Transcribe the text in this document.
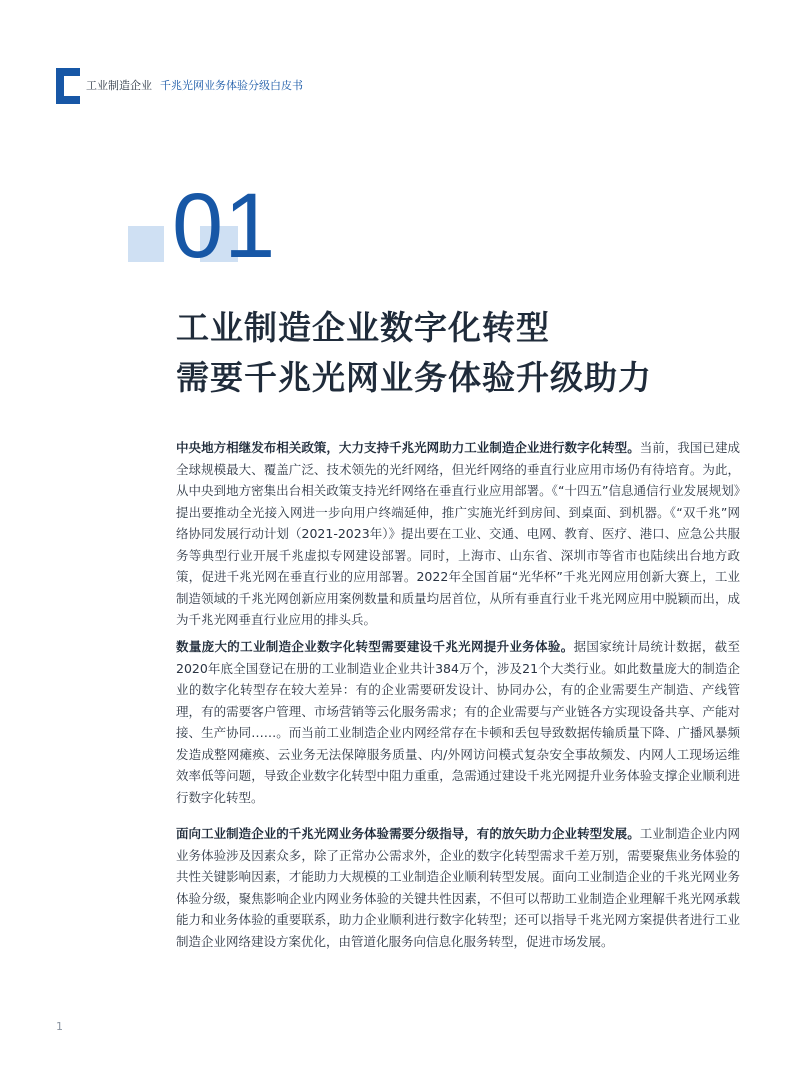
工业制造企业 千兆光网业务体验分级白皮书
01
工业制造企业数字化转型
需要千兆光网业务体验升级助力
中央地方相继发布相关政策，大力支持千兆光网助力工业制造企业进行数字化转型。当前，我国已建成全球规模最大、覆盖广泛、技术领先的光纤网络，但光纤网络的垂直行业应用市场仍有待培育。为此，从中央到地方密集出台相关政策支持光纤网络在垂直行业应用部署。《“十四五”信息通信行业发展规划》提出要推动全光接入网进一步向用户终端延伸，推广实施光纤到房间、到桌面、到机器。《“双千兆”网络协同发展行动计划（2021-2023年）》提出要在工业、交通、电网、教育、医疗、港口、应急公共服务等典型行业开展千兆虚拟专网建设部署。同时，上海市、山东省、深圳市等省市也陆续出台地方政策，促进千兆光网在垂直行业的应用部署。2022年全国首届“光华杯”千兆光网应用创新大赛上，工业制造领域的千兆光网创新应用案例数量和质量均居首位，从所有垂直行业千兆光网应用中脱颖而出，成为千兆光网垂直行业应用的排头兵。
数量庞大的工业制造企业数字化转型需要建设千兆光网提升业务体验。据国家统计局统计数据，截至2020年底全国登记在册的工业制造业企业共计384万个，涉及21个大类行业。如此数量庞大的制造企业的数字化转型存在较大差异：有的企业需要研发设计、协同办公，有的企业需要生产制造、产线管理，有的需要客户管理、市场营销等云化服务需求；有的企业需要与产业链各方实现设备共享、产能对接、生产协同……。而当前工业制造企业内网经常存在卡顿和丢包导致数据传输质量下降、广播风暴频发造成整网瘫痪、云业务无法保障服务质量、内/外网访问模式复杂安全事故频发、内网人工现场运维效率低等问题，导致企业数字化转型中阻力重重，急需通过建设千兆光网提升业务体验支撑企业顺利进行数字化转型。
面向工业制造企业的千兆光网业务体验需要分级指导，有的放矢助力企业转型发展。工业制造企业内网业务体验涉及因素众多，除了正常办公需求外，企业的数字化转型需求千差万别，需要聚焦业务体验的共性关键影响因素，才能助力大规模的工业制造企业顺利转型发展。面向工业制造企业的千兆光网业务体验分级，聚焦影响企业内网业务体验的关键共性因素，不但可以帮助工业制造企业理解千兆光网承载能力和业务体验的重要联系，助力企业顺利进行数字化转型；还可以指导千兆光网方案提供者进行工业制造企业网络建设方案优化，由管道化服务向信息化服务转型，促进市场发展。
1
